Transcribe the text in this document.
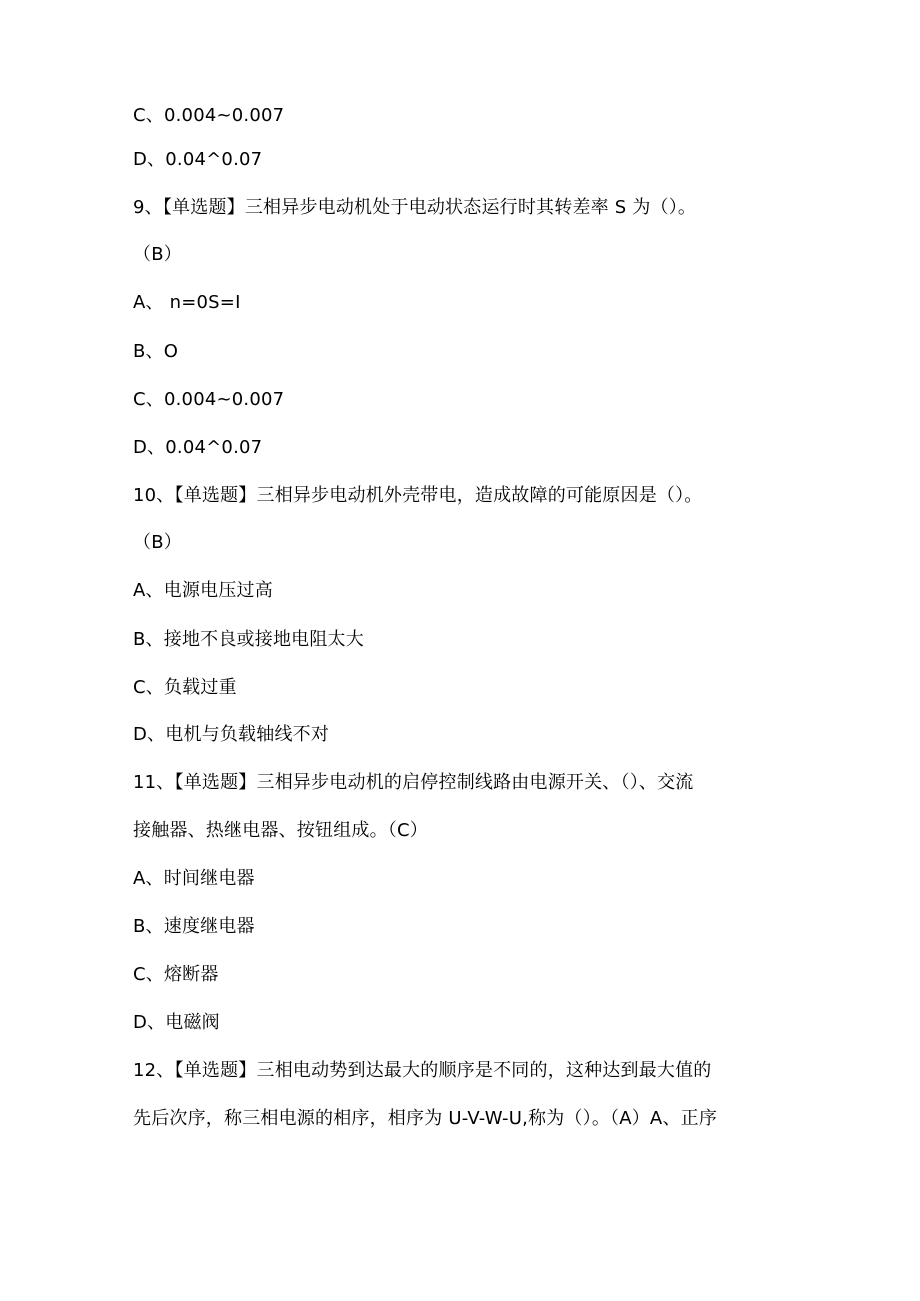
C、0.004~0.007
D、0.04^0.07
9、【单选题】三相异步电动机处于电动状态运行时其转差率 S 为（）。
（B）
A、 n=0S=I
B、O
C、0.004~0.007
D、0.04^0.07
10、【单选题】三相异步电动机外壳带电，造成故障的可能原因是（）。
（B）
A、电源电压过高
B、接地不良或接地电阻太大
C、负载过重
D、电机与负载轴线不对
11、【单选题】三相异步电动机的启停控制线路由电源开关、（）、交流
接触器、热继电器、按钮组成。（C）
A、时间继电器
B、速度继电器
C、熔断器
D、电磁阀
12、【单选题】三相电动势到达最大的顺序是不同的，这种达到最大值的
先后次序，称三相电源的相序，相序为 U-V-W-U,称为（）。（A）A、正序
